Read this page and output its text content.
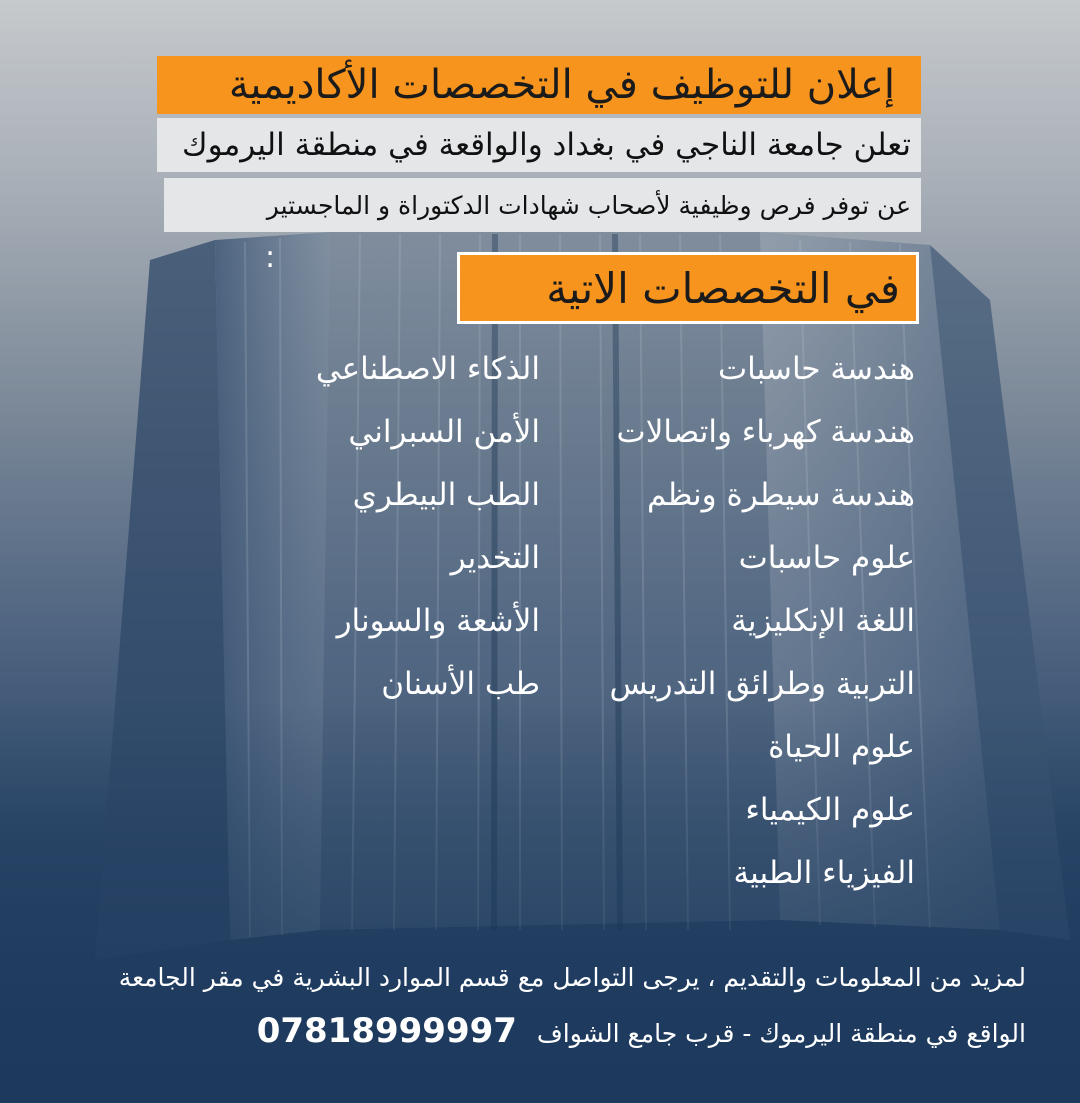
إعلان للتوظيف في التخصصات الأكاديمية
تعلن جامعة الناجي في بغداد والواقعة في منطقة اليرموك
عن توفر فرص وظيفية لأصحاب شهادات الدكتوراة و الماجستير
:
في التخصصات الاتية
هندسة حاسبات
هندسة كهرباء واتصالات
هندسة سيطرة ونظم
علوم حاسبات
اللغة الإنكليزية
التربية وطرائق التدريس
علوم الحياة
علوم الكيمياء
الفيزياء الطبية
الذكاء الاصطناعي
الأمن السبراني
الطب البيطري
التخدير
الأشعة والسونار
طب الأسنان
لمزيد من المعلومات والتقديم ، يرجى التواصل مع قسم الموارد البشرية في مقر الجامعة
الواقع في منطقة اليرموك - قرب جامع الشواف 07818999997
